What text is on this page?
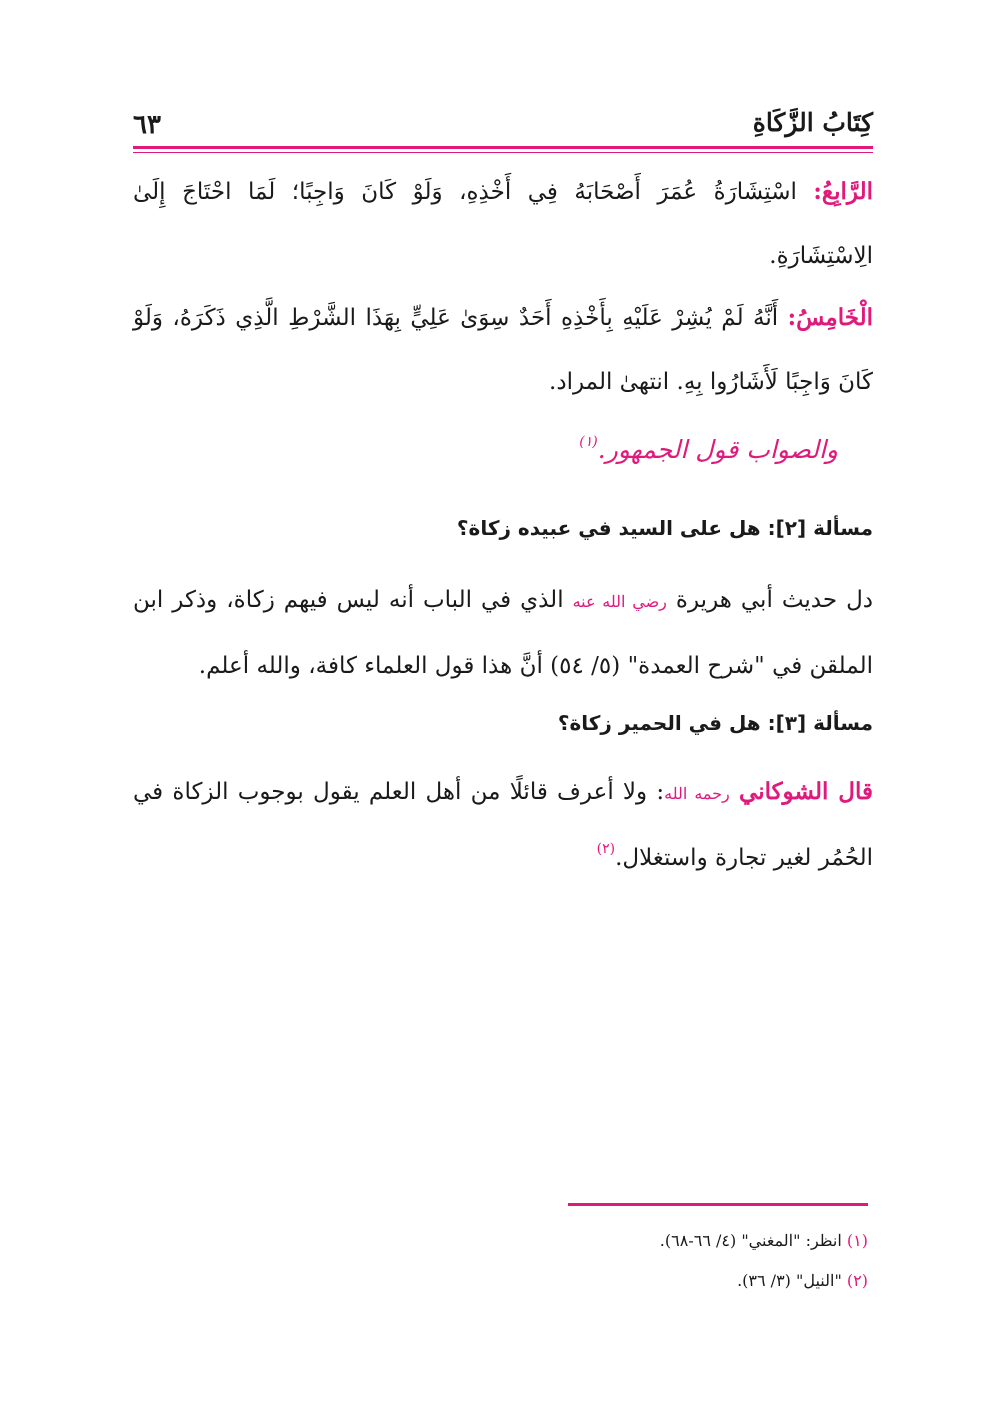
٦٣	كِتَابُ الزَّكَاةِ
الرَّابِعُ: اسْتِشَارَةُ عُمَرَ أَصْحَابَهُ فِي أَخْذِهِ، وَلَوْ كَانَ وَاجِبًا؛ لَمَا احْتَاجَ إِلَىٰ الِاسْتِشَارَةِ.
الْخَامِسُ: أَنَّهُ لَمْ يُشِرْ عَلَيْهِ بِأَخْذِهِ أَحَدٌ سِوَىٰ عَلِيٍّ بِهَذَا الشَّرْطِ الَّذِي ذَكَرَهُ، وَلَوْ كَانَ وَاجِبًا لَأَشَارُوا بِهِ. انتهىٰ المراد.
والصواب قول الجمهور.$^{(١)}$
مسألة [٢]: هل على السيد في عبيده زكاة؟
دل حديث أبي هريرة رضي الله عنه الذي في الباب أنه ليس فيهم زكاة، وذكر ابن الملقن في "شرح العمدة" (٥/ ٥٤) أنَّ هذا قول العلماء كافة، والله أعلم.
مسألة [٣]: هل في الحمير زكاة؟
قال الشوكاني رحمه الله: ولا أعرف قائلًا من أهل العلم يقول بوجوب الزكاة في الحُمُر لغير تجارة واستغلال.$^{(٢)}$
(١) انظر: "المغني" (٤/ ٦٦-٦٨).
(٢) "النيل" (٣/ ٣٦).
